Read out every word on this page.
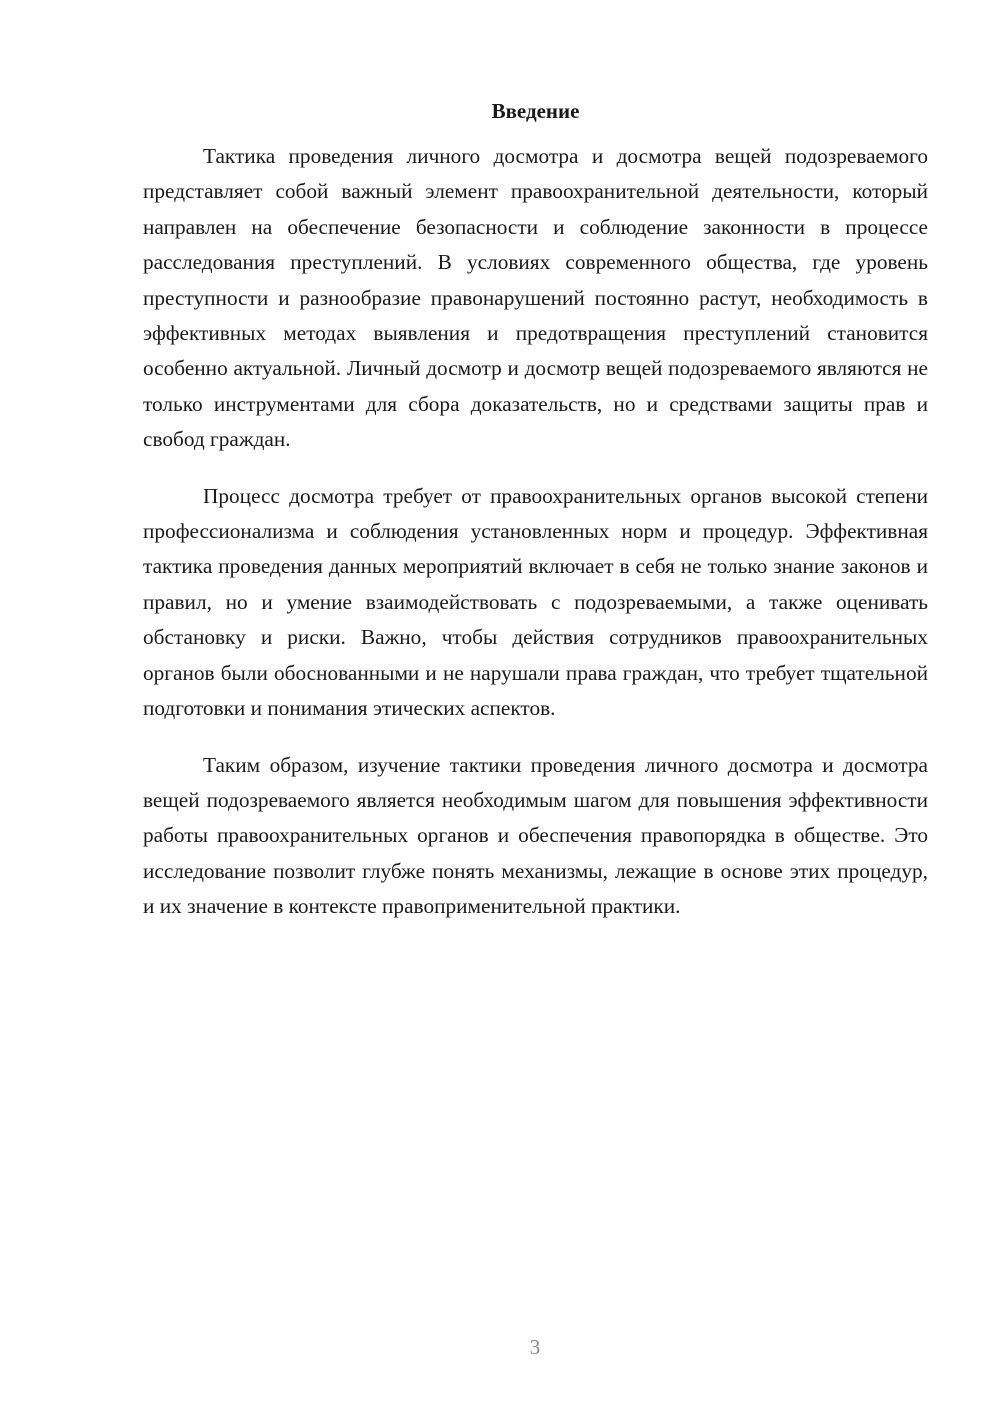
Введение

Тактика проведения личного досмотра и досмотра вещей подозреваемого представляет собой важный элемент правоохранительной деятельности, который направлен на обеспечение безопасности и соблюдение законности в процессе расследования преступлений. В условиях современного общества, где уровень преступности и разнообразие правонарушений постоянно растут, необходимость в эффективных методах выявления и предотвращения преступлений становится особенно актуальной. Личный досмотр и досмотр вещей подозреваемого являются не только инструментами для сбора доказательств, но и средствами защиты прав и свобод граждан.

Процесс досмотра требует от правоохранительных органов высокой степени профессионализма и соблюдения установленных норм и процедур. Эффективная тактика проведения данных мероприятий включает в себя не только знание законов и правил, но и умение взаимодействовать с подозреваемыми, а также оценивать обстановку и риски. Важно, чтобы действия сотрудников правоохранительных органов были обоснованными и не нарушали права граждан, что требует тщательной подготовки и понимания этических аспектов.

Таким образом, изучение тактики проведения личного досмотра и досмотра вещей подозреваемого является необходимым шагом для повышения эффективности работы правоохранительных органов и обеспечения правопорядка в обществе. Это исследование позволит глубже понять механизмы, лежащие в основе этих процедур, и их значение в контексте правоприменительной практики.

3
